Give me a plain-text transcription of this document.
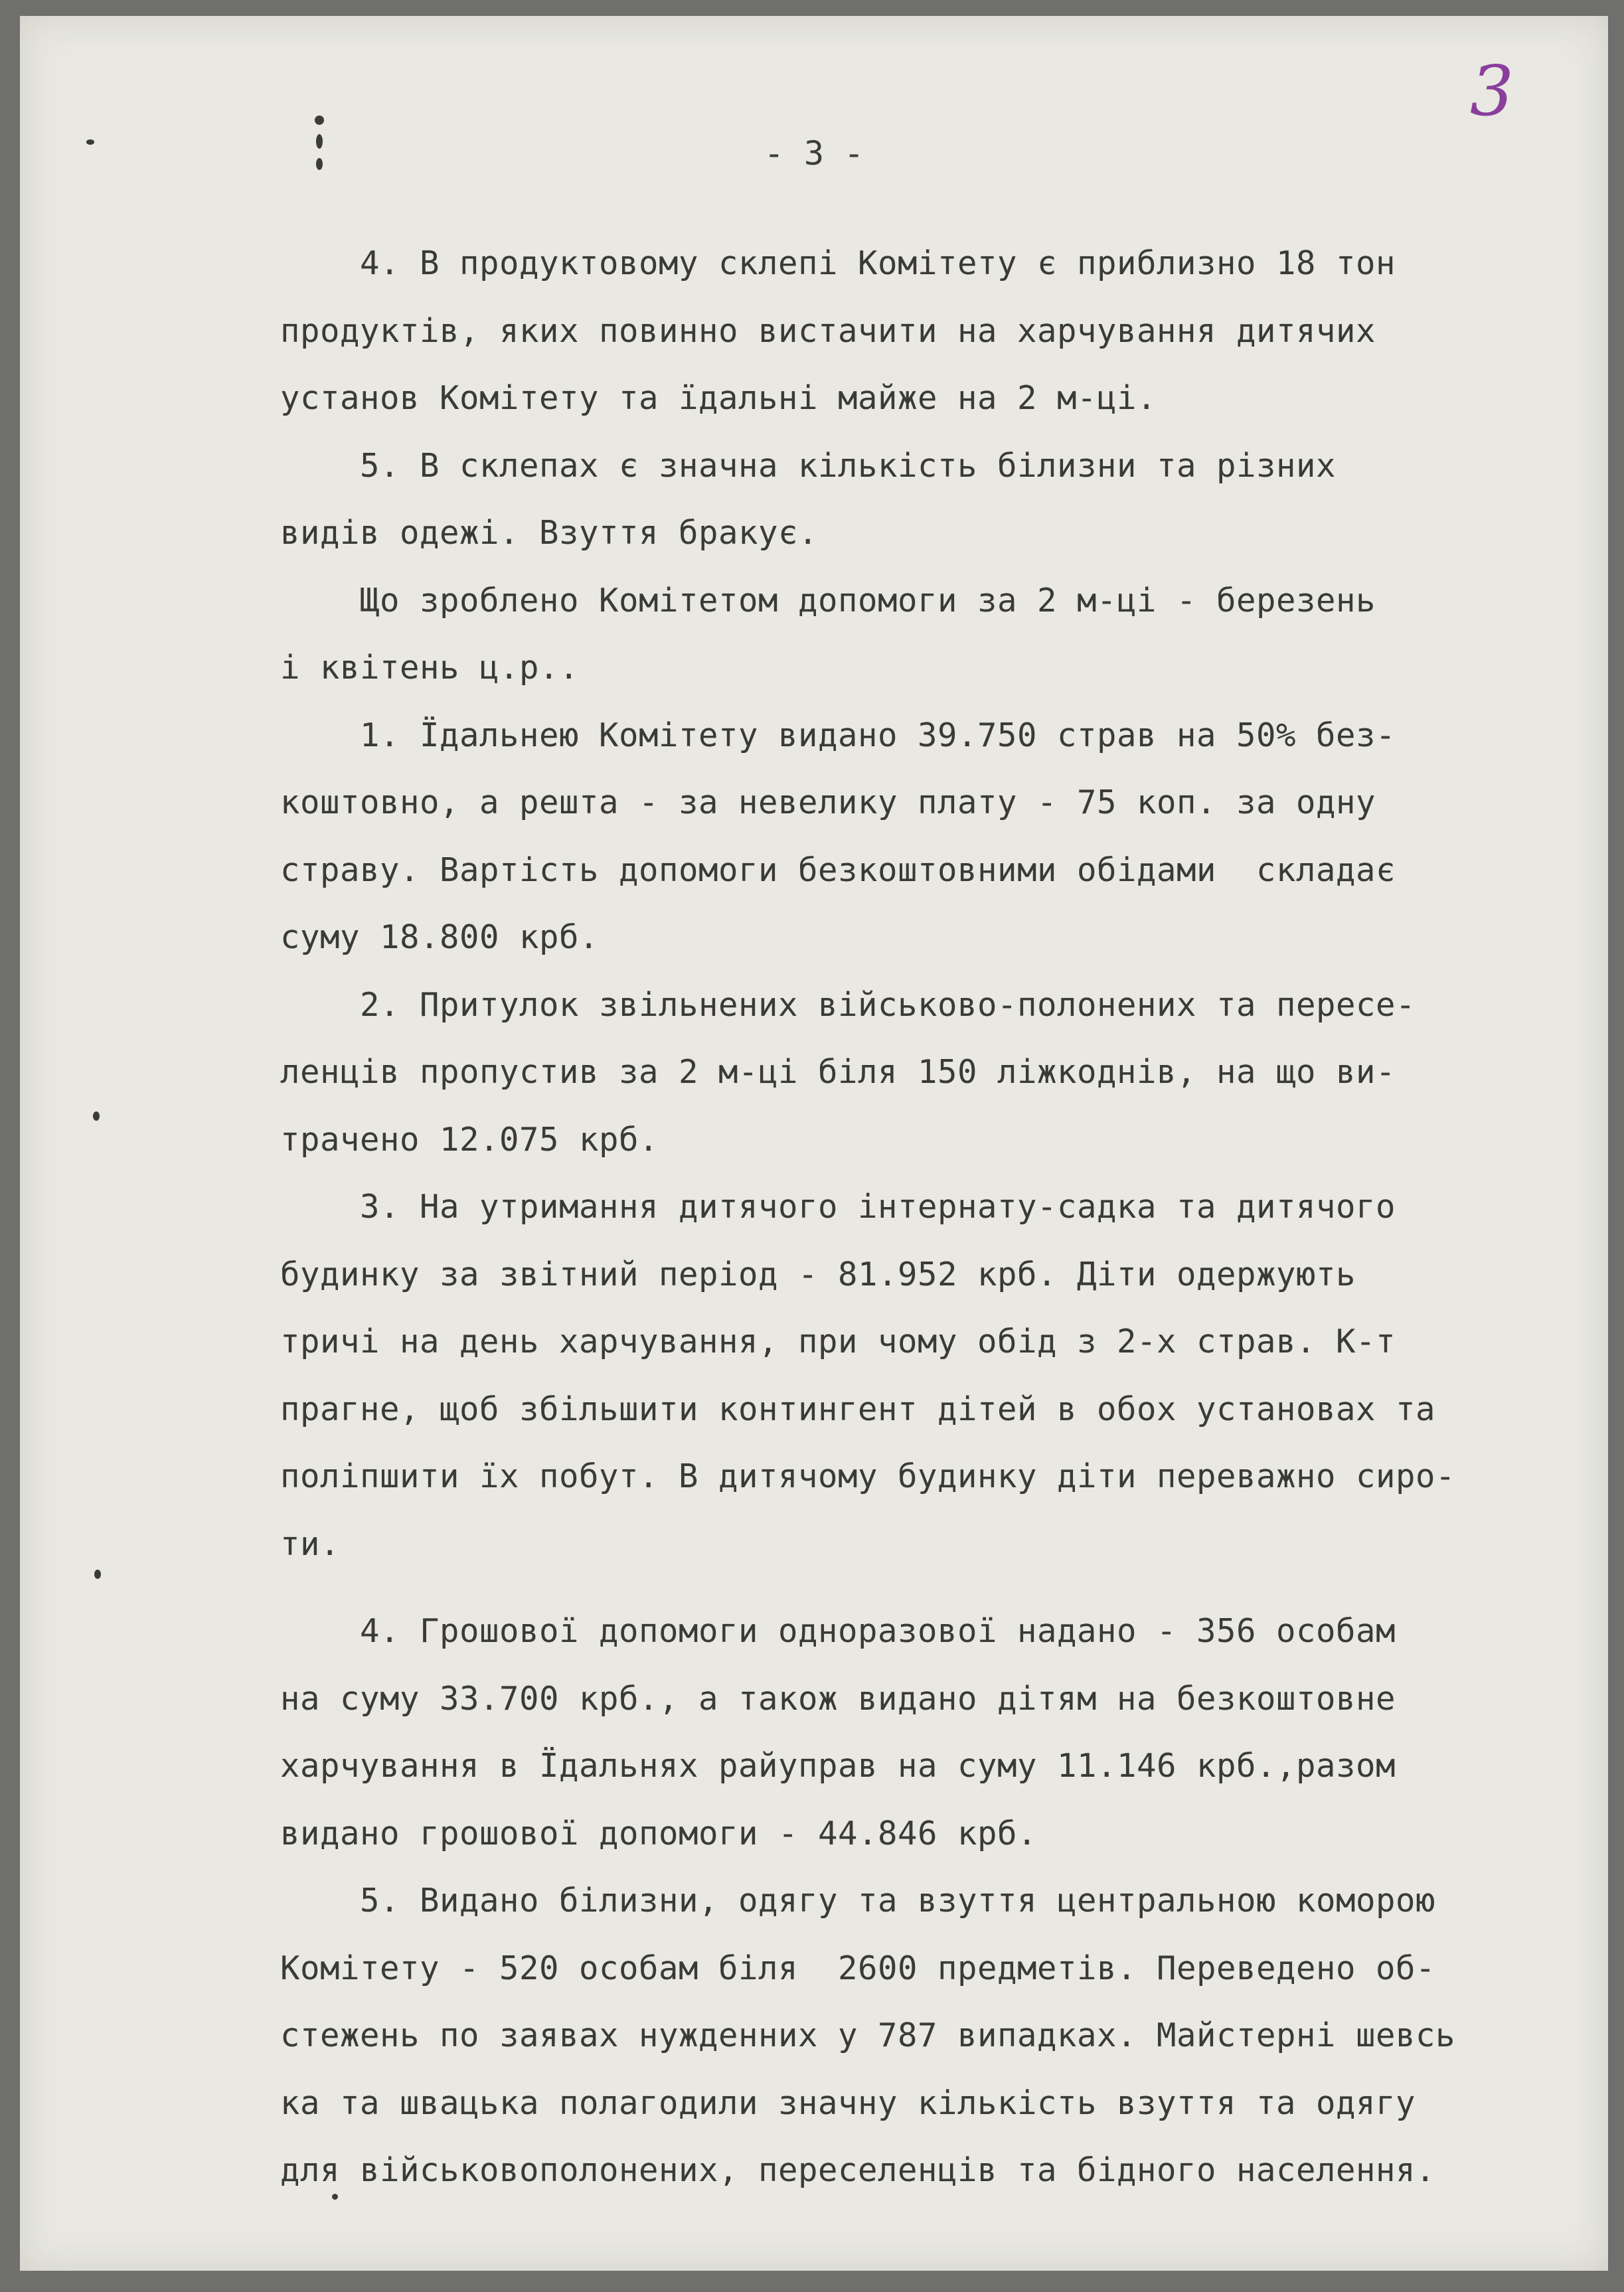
3
- 3 -
4. В продуктовому склепі Комітету є приблизно 18 тон
продуктів, яких повинно вистачити на харчування дитячих
установ Комітету та їдальні майже на 2 м-ці.
5. В склепах є значна кількість білизни та різних
видів одежі. Взуття бракує.
Що зроблено Комітетом допомоги за 2 м-ці - березень
і квітень ц.р..
1. Їдальнею Комітету видано 39.750 страв на 50% без-
коштовно, а решта - за невелику плату - 75 коп. за одну
страву. Вартість допомоги безкоштовними обідами  складає
суму 18.800 крб.
2. Притулок звільнених військово-полонених та пересе-
ленців пропустив за 2 м-ці біля 150 ліжкоднів, на що ви-
трачено 12.075 крб.
3. На утримання дитячого інтернату-садка та дитячого
будинку за звітний період - 81.952 крб. Діти одержують
тричі на день харчування, при чому обід з 2-х страв. К-т
прагне, щоб збільшити контингент дітей в обох установах та
поліпшити їх побут. В дитячому будинку діти переважно сиро-
ти.
4. Грошової допомоги одноразової надано - 356 особам
на суму 33.700 крб., а також видано дітям на безкоштовне
харчування в Їдальнях райуправ на суму 11.146 крб.,разом
видано грошової допомоги - 44.846 крб.
5. Видано білизни, одягу та взуття центральною коморою
Комітету - 520 особам біля  2600 предметів. Переведено об-
стежень по заявах нужденних у 787 випадках. Майстерні шевсь
ка та швацька полагодили значну кількість взуття та одягу
для військовополонених, переселенців та бідного населення.
